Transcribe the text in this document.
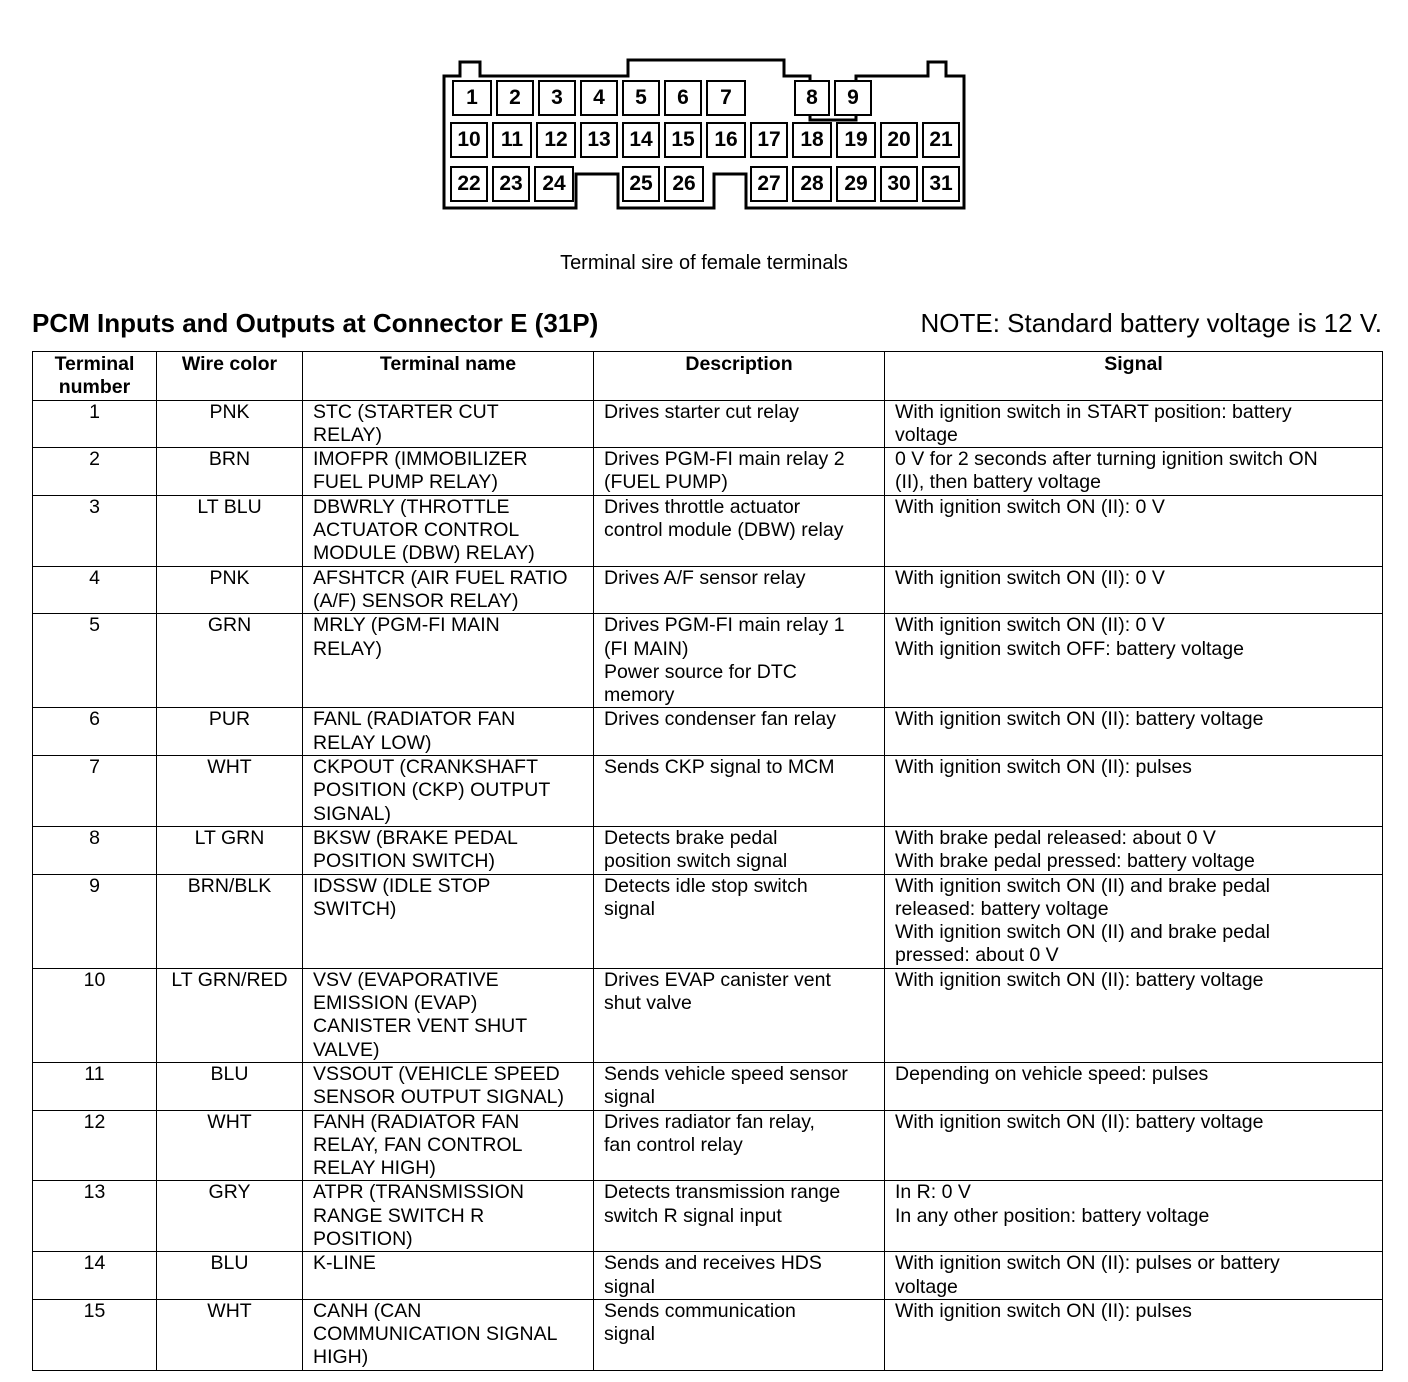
1	2	3	4	5	6	7	8	9
10 11	12 13 14 15 16 17 18 19 20 21
22 23 24	25 26	27 28 29 30 31
Terminal sire of female terminals
PCM Inputs and Outputs at Connector E (31P)	NOTE: Standard battery voltage is 12 V.
Terminal
number	Wire color	Terminal name	Description	Signal
1	PNK	STC (STARTER CUT
RELAY)	Drives starter cut relay	With ignition switch in START position: battery
voltage

2	BRN	IMOFPR (IMMOBILIZER
FUEL PUMP RELAY)	Drives PGM-FI main relay 2
(FUEL PUMP)	0 V for 2 seconds after turning ignition switch ON
(II), then battery voltage

3	LT BLU	DBWRLY (THROTTLE
ACTUATOR CONTROL
MODULE (DBW) RELAY)	Drives throttle actuator
control module (DBW) relay	With ignition switch ON (II): 0 V

4	PNK	AFSHTCR (AIR FUEL RATIO
(A/F) SENSOR RELAY)	Drives A/F sensor relay	With ignition switch ON (II): 0 V

5	GRN	MRLY (PGM-FI MAIN
RELAY)	Drives PGM-FI main relay 1
(FI MAIN)
Power source for DTC
memory	With ignition switch ON (II): 0 V
With ignition switch OFF: battery voltage

6	PUR	FANL (RADIATOR FAN
RELAY LOW)	Drives condenser fan relay	With ignition switch ON (II): battery voltage

7	WHT	CKPOUT (CRANKSHAFT
POSITION (CKP) OUTPUT
SIGNAL)	Sends CKP signal to MCM	With ignition switch ON (II): pulses

8	LT GRN	BKSW (BRAKE PEDAL
POSITION SWITCH)	Detects brake pedal
position switch signal	With brake pedal released: about 0 V
With brake pedal pressed: battery voltage

9	BRN/BLK	IDSSW (IDLE STOP
SWITCH)	Detects idle stop switch
signal	With ignition switch ON (II) and brake pedal
released: battery voltage
With ignition switch ON (II) and brake pedal
pressed: about 0 V

10	LT GRN/RED	VSV (EVAPORATIVE
EMISSION (EVAP)
CANISTER VENT SHUT
VALVE)	Drives EVAP canister vent
shut valve	With ignition switch ON (II): battery voltage

11	BLU	VSSOUT (VEHICLE SPEED
SENSOR OUTPUT SIGNAL)	Sends vehicle speed sensor
signal	Depending on vehicle speed: pulses

12	WHT	FANH (RADIATOR FAN
RELAY, FAN CONTROL
RELAY HIGH)	Drives radiator fan relay,
fan control relay	With ignition switch ON (II): battery voltage

13	GRY	ATPR (TRANSMISSION
RANGE SWITCH R
POSITION)	Detects transmission range
switch R signal input	In R: 0 V
In any other position: battery voltage

14	BLU	K-LINE	Sends and receives HDS
signal	With ignition switch ON (II): pulses or battery
voltage

15	WHT	CANH (CAN
COMMUNICATION SIGNAL
HIGH)	Sends communication
signal	With ignition switch ON (II): pulses
